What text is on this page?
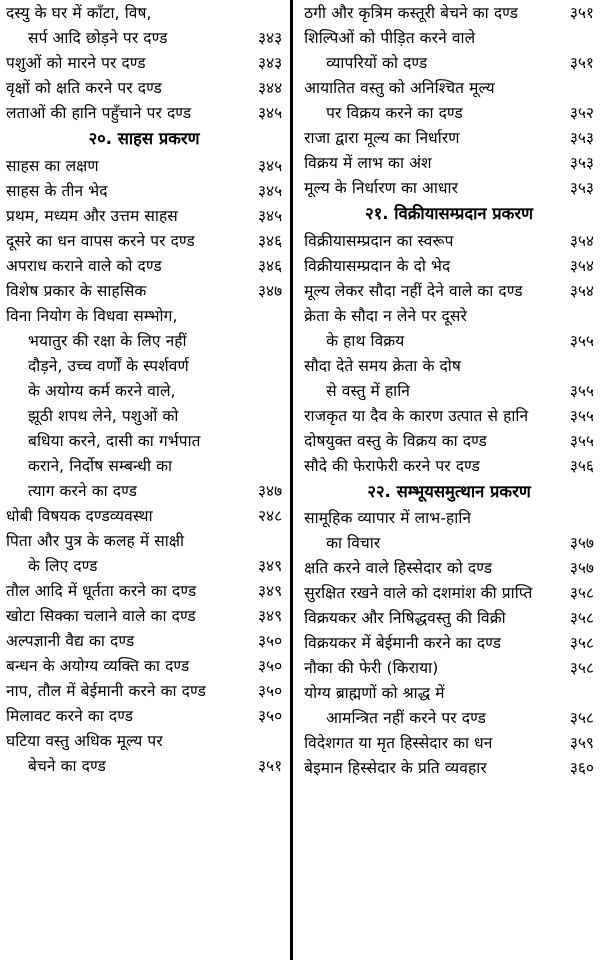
दस्यु के घर में काँटा, विष,
सर्प आदि छोड़ने पर दण्ड	३४३
पशुओं को मारने पर दण्ड	३४३
वृक्षों को क्षति करने पर दण्ड	३४४
लताओं की हानि पहुँचाने पर दण्ड	३४५
२०. साहस प्रकरण
साहस का लक्षण	३४५
साहस के तीन भेद	३४५
प्रथम, मध्यम और उत्तम साहस	३४५
दूसरे का धन वापस करने पर दण्ड	३४६
अपराध कराने वाले को दण्ड	३४६
विशेष प्रकार के साहसिक	३४७
विना नियोग के विधवा सम्भोग,
भयातुर की रक्षा के लिए नहीं
दौड़ने, उच्च वर्णों के स्पर्शवर्ण
के अयोग्य कर्म करने वाले,
झूठी शपथ लेने, पशुओं को
बधिया करने, दासी का गर्भपात
कराने, निर्दोष सम्बन्धी का
त्याग करने का दण्ड	३४७
धोबी विषयक दण्डव्यवस्था	२४८
पिता और पुत्र के कलह में साक्षी
के लिए दण्ड	३४९
तौल आदि में धूर्तता करने का दण्ड	३४९
खोटा सिक्का चलाने वाले का दण्ड	३४९
अल्पज्ञानी वैद्य का दण्ड	३५०
बन्धन के अयोग्य व्यक्ति का दण्ड	३५०
नाप, तौल में बेईमानी करने का दण्ड	३५०
मिलावट करने का दण्ड	३५०
घटिया वस्तु अधिक मूल्य पर
बेचने का दण्ड	३५१
ठगी और कृत्रिम कस्तूरी बेचने का दण्ड	३५१
शिल्पिओं को पीड़ित करने वाले
व्यापरियों को दण्ड	३५१
आयातित वस्तु को अनिश्चित मूल्य
पर विक्रय करने का दण्ड	३५२
राजा द्वारा मूल्य का निर्धारण	३५३
विक्रय में लाभ का अंश	३५३
मूल्य के निर्धारण का आधार	३५३
२१. विक्रीयासम्प्रदान प्रकरण
विक्रीयासम्प्रदान का स्वरूप	३५४
विक्रीयासम्प्रदान के दो भेद	३५४
मूल्य लेकर सौदा नहीं देने वाले का दण्ड	३५४
क्रेता के सौदा न लेने पर दूसरे
के हाथ विक्रय	३५५
सौदा देते समय क्रेता के दोष
से वस्तु में हानि	३५५
राजकृत या दैव के कारण उत्पात से हानि	३५५
दोषयुक्त वस्तु के विक्रय का दण्ड	३५५
सौदे की फेराफेरी करने पर दण्ड	३५६
२२. सम्भूयसमुत्थान प्रकरण
सामूहिक व्यापार में लाभ-हानि
का विचार	३५७
क्षति करने वाले हिस्सेदार को दण्ड	३५७
सुरक्षित रखने वाले को दशमांश की प्राप्ति	३५८
विक्रयकर और निषिद्धवस्तु की विक्री	३५८
विक्रयकर में बेईमानी करने का दण्ड	३५८
नौका की फेरी (किराया)	३५८
योग्य ब्राह्मणों को श्राद्ध में
आमन्त्रित नहीं करने पर दण्ड	३५८
विदेशगत या मृत हिस्सेदार का धन	३५९
बेइमान हिस्सेदार के प्रति व्यवहार	३६०
